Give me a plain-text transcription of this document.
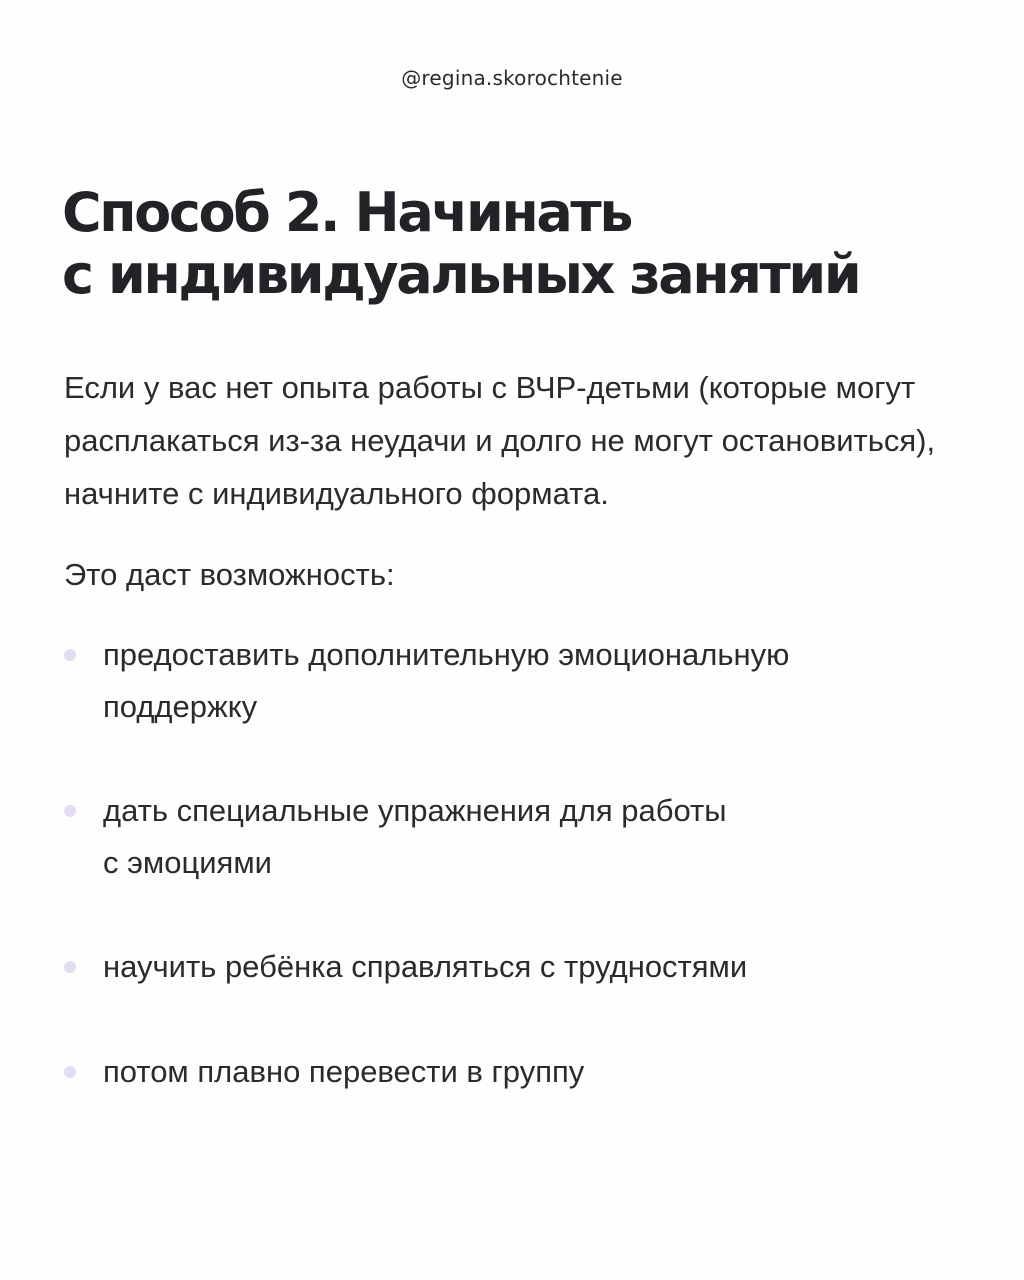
@regina.skorochtenie
Способ 2. Начинать
с индивидуальных занятий

Если у вас нет опыта работы с ВЧР-детьми (которые могут расплакаться из-за неудачи и долго не могут остановиться), начните с индивидуального формата.

Это даст возможность:

предоставить дополнительную эмоциональную
поддержку
дать специальные упражнения для работы
с эмоциями
научить ребёнка справляться с трудностями
потом плавно перевести в группу
